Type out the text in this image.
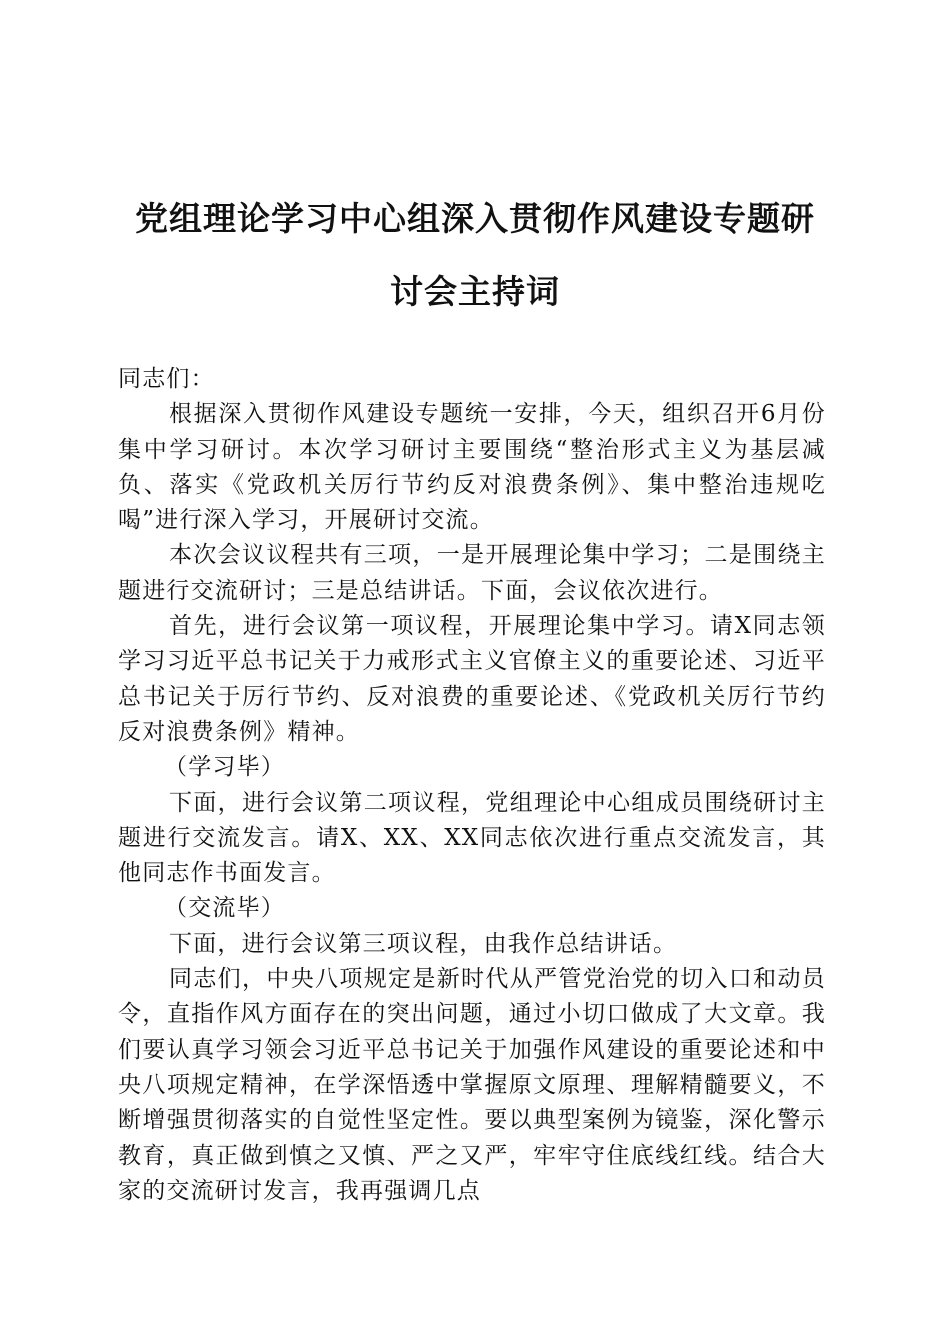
党组理论学习中心组深入贯彻作风建设专题研
讨会主持词

同志们：

根据深入贯彻作风建设专题统一安排，今天，组织召开6月份集中学习研讨。本次学习研讨主要围绕“整治形式主义为基层减负、落实《党政机关厉行节约反对浪费条例》、集中整治违规吃喝”进行深入学习，开展研讨交流。

本次会议议程共有三项，一是开展理论集中学习；二是围绕主题进行交流研讨；三是总结讲话。下面，会议依次进行。

首先，进行会议第一项议程，开展理论集中学习。请X同志领学习习近平总书记关于力戒形式主义官僚主义的重要论述、习近平总书记关于厉行节约、反对浪费的重要论述、《党政机关厉行节约反对浪费条例》精神。

（学习毕）

下面，进行会议第二项议程，党组理论中心组成员围绕研讨主题进行交流发言。请X、XX、XX同志依次进行重点交流发言，其他同志作书面发言。

（交流毕）

下面，进行会议第三项议程，由我作总结讲话。

同志们，中央八项规定是新时代从严管党治党的切入口和动员令，直指作风方面存在的突出问题，通过小切口做成了大文章。我们要认真学习领会习近平总书记关于加强作风建设的重要论述和中央八项规定精神，在学深悟透中掌握原文原理、理解精髓要义，不断增强贯彻落实的自觉性坚定性。要以典型案例为镜鉴，深化警示教育，真正做到慎之又慎、严之又严，牢牢守住底线红线。结合大家的交流研讨发言，我再强调几点
